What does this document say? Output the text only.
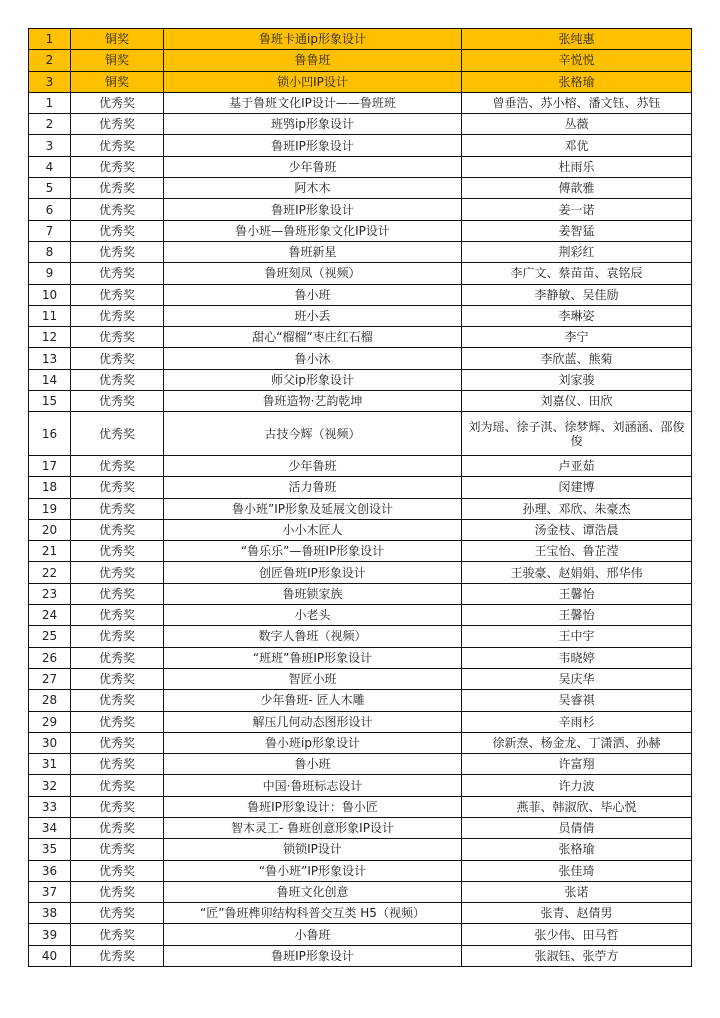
1	铜奖	鲁班卡通ip形象设计	张纯惠
2	铜奖	鲁鲁班	辛悦悦
3	铜奖	锁小凹IP设计	张格瑜
1	优秀奖	基于鲁班文化IP设计——鲁班班	曾垂浩、苏小榕、潘文钰、苏钰
2	优秀奖	班鸮ip形象设计	丛薇
3	优秀奖	鲁班IP形象设计	邓优
4	优秀奖	少年鲁班	杜雨乐
5	优秀奖	阿木木	傅歆雅
6	优秀奖	鲁班IP形象设计	姜一诺
7	优秀奖	鲁小班—鲁班形象文化IP设计	姜智猛
8	优秀奖	鲁班新星	荆彩红
9	优秀奖	鲁班刻凤（视频）	李广文、蔡苗苗、袁铭辰
10	优秀奖	鲁小班	李静敏、吴佳励
11	优秀奖	班小丢	李琳姿
12	优秀奖	甜心“榴榴”枣庄红石榴	李宁
13	优秀奖	鲁小沐	李欣蓝、熊菊
14	优秀奖	师父ip形象设计	刘家骏
15	优秀奖	鲁班造物·艺韵乾坤	刘嘉仪、田欣
16	优秀奖	古技今辉（视频）	刘为瑶、徐子淇、徐梦辉、刘涵涵、邵俊俊
17	优秀奖	少年鲁班	卢亚茹
18	优秀奖	活力鲁班	闵建博
19	优秀奖	鲁小班”IP形象及延展文创设计	孙理、邓欣、朱豪杰
20	优秀奖	小小木匠人	汤金枝、谭浩晨
21	优秀奖	“鲁乐乐”—鲁班IP形象设计	王宝怡、鲁芷滢
22	优秀奖	创匠鲁班IP形象设计	王骏豪、赵娟娟、邢华伟
23	优秀奖	鲁班锁家族	王馨怡
24	优秀奖	小老头	王馨怡
25	优秀奖	数字人鲁班（视频）	王中宇
26	优秀奖	“班班”鲁班IP形象设计	韦晓婷
27	优秀奖	智匠小班	吴庆华
28	优秀奖	少年鲁班- 匠人木雕	吴睿祺
29	优秀奖	解压几何动态图形设计	辛雨杉
30	优秀奖	鲁小班ip形象设计	徐新焘、杨金龙、丁潇洒、孙赫
31	优秀奖	鲁小班	许富翔
32	优秀奖	中国·鲁班标志设计	许力波
33	优秀奖	鲁班IP形象设计：鲁小匠	燕菲、韩淑欣、毕心悦
34	优秀奖	智木灵工- 鲁班创意形象IP设计	员倩倩
35	优秀奖	锁锁IP设计	张格瑜
36	优秀奖	“鲁小班”IP形象设计	张佳琦
37	优秀奖	鲁班文化创意	张诺
38	优秀奖	“匠”鲁班榫卯结构科普交互类 H5（视频）	张青、赵倩男
39	优秀奖	小鲁班	张少伟、田马哲
40	优秀奖	鲁班IP形象设计	张淑钰、张苧方
